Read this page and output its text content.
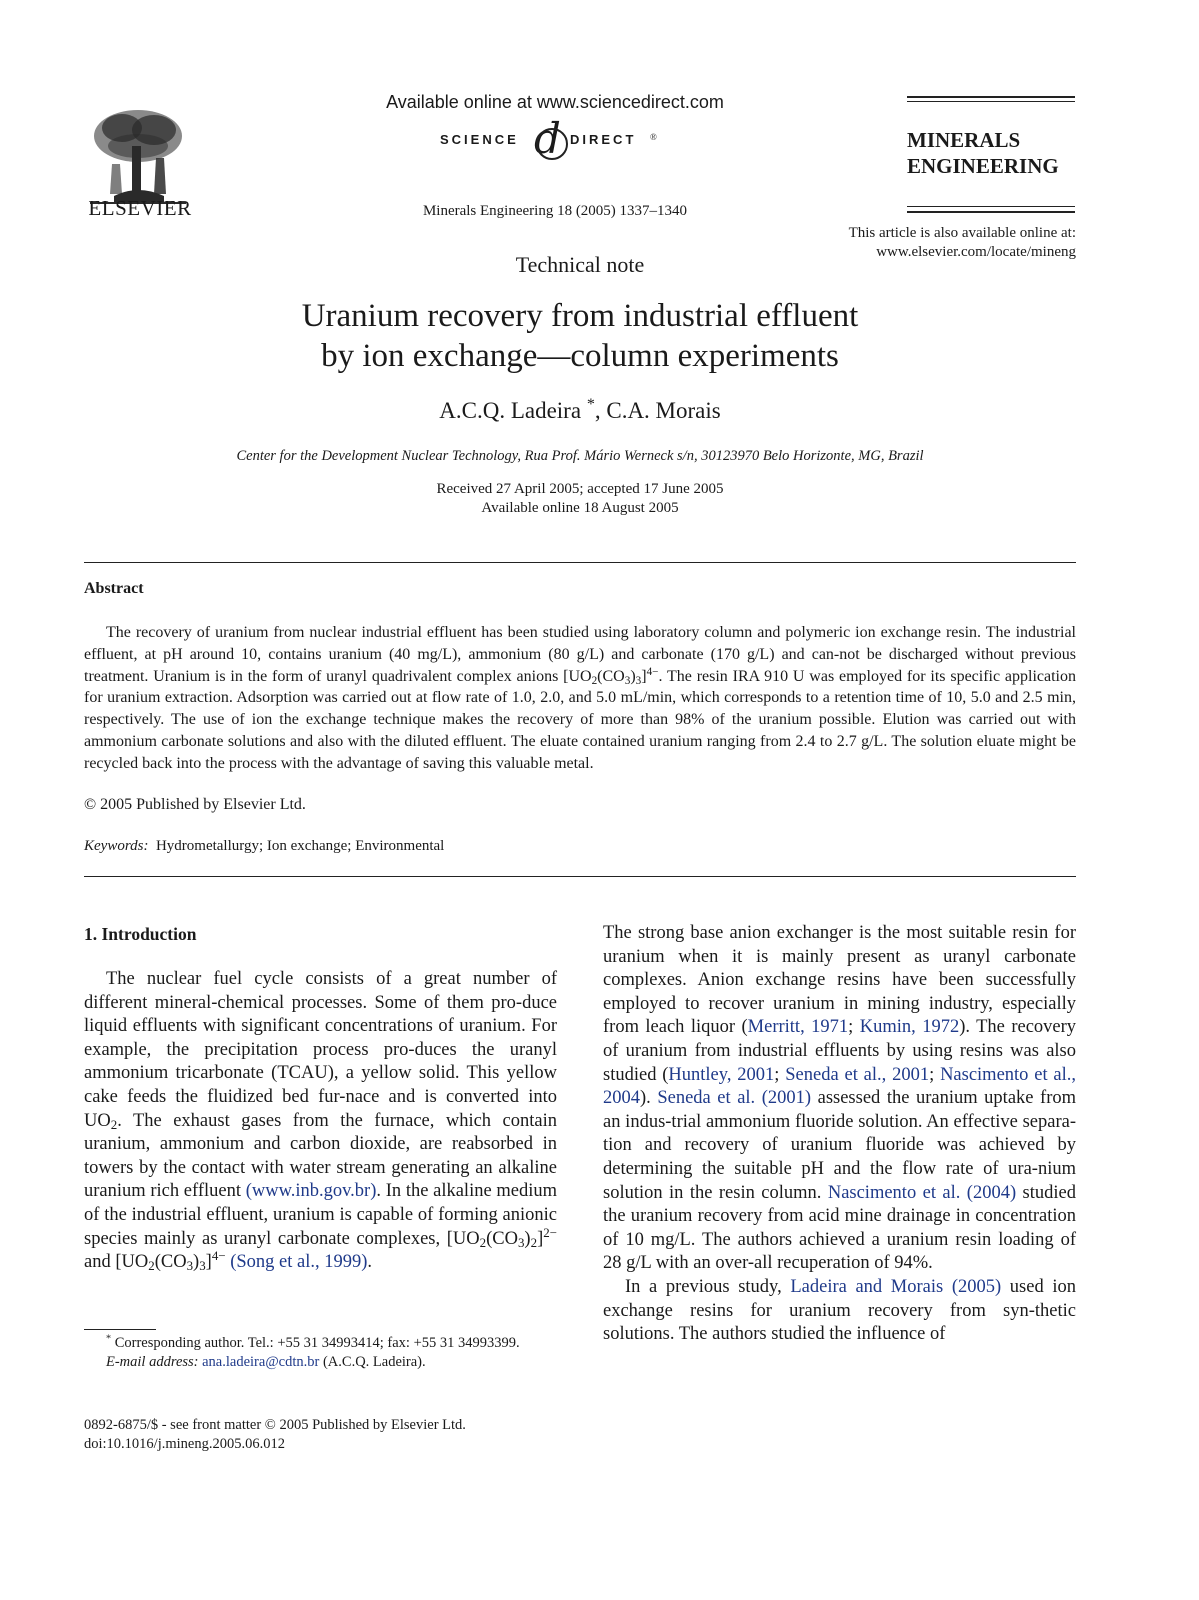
ELSEVIER
Available online at www.sciencedirect.com
SCIENCE d DIRECT ®
Minerals Engineering 18 (2005) 1337–1340
MINERALS
ENGINEERING
This article is also available online at:
www.elsevier.com/locate/mineng
Technical note
Uranium recovery from industrial effluent
by ion exchange—column experiments
A.C.Q. Ladeira *, C.A. Morais
Center for the Development Nuclear Technology, Rua Prof. Mário Werneck s/n, 30123970 Belo Horizonte, MG, Brazil
Received 27 April 2005; accepted 17 June 2005
Available online 18 August 2005
Abstract

The recovery of uranium from nuclear industrial effluent has been studied using laboratory column and polymeric ion exchange resin. The industrial effluent, at pH around 10, contains uranium (40 mg/L), ammonium (80 g/L) and carbonate (170 g/L) and can-not be discharged without previous treatment. Uranium is in the form of uranyl quadrivalent complex anions $[UO_2(CO_3)_3]^{4-}$. The resin IRA 910 U was employed for its specific application for uranium extraction. Adsorption was carried out at flow rate of 1.0, 2.0, and 5.0 mL/min, which corresponds to a retention time of 10, 5.0 and 2.5 min, respectively. The use of ion the exchange technique makes the recovery of more than 98% of the uranium possible. Elution was carried out with ammonium carbonate solutions and also with the diluted effluent. The eluate contained uranium ranging from 2.4 to 2.7 g/L. The solution eluate might be recycled back into the process with the advantage of saving this valuable metal.

© 2005 Published by Elsevier Ltd.
Keywords: Hydrometallurgy; Ion exchange; Environmental
1. Introduction

The nuclear fuel cycle consists of a great number of different mineral-chemical processes. Some of them pro-duce liquid effluents with significant concentrations of uranium. For example, the precipitation process pro-duces the uranyl ammonium tricarbonate (TCAU), a yellow solid. This yellow cake feeds the fluidized bed fur-nace and is converted into $UO_2$. The exhaust gases from the furnace, which contain uranium, ammonium and carbon dioxide, are reabsorbed in towers by the contact with water stream generating an alkaline uranium rich effluent (www.inb.gov.br). In the alkaline medium of the industrial effluent, uranium is capable of forming anionic species mainly as uranyl carbonate complexes, $[UO_2(CO_3)_2]^{2-}$ and $[UO_2(CO_3)_3]^{4-}$ (Song et al., 1999).

The strong base anion exchanger is the most suitable resin for uranium when it is mainly present as uranyl carbonate complexes. Anion exchange resins have been successfully employed to recover uranium in mining industry, especially from leach liquor (Merritt, 1971; Kumin, 1972). The recovery of uranium from industrial effluents by using resins was also studied (Huntley, 2001; Seneda et al., 2001; Nascimento et al., 2004). Seneda et al. (2001) assessed the uranium uptake from an indus-trial ammonium fluoride solution. An effective separa-tion and recovery of uranium fluoride was achieved by determining the suitable pH and the flow rate of ura-nium solution in the resin column. Nascimento et al. (2004) studied the uranium recovery from acid mine drainage in concentration of 10 mg/L. The authors achieved a uranium resin loading of 28 g/L with an over-all recuperation of 94%.

In a previous study, Ladeira and Morais (2005) used ion exchange resins for uranium recovery from syn-thetic solutions. The authors studied the influence of

* Corresponding author. Tel.: +55 31 34993414; fax: +55 31 34993399.

E-mail address: ana.ladeira@cdtn.br (A.C.Q. Ladeira).

0892-6875/$ - see front matter © 2005 Published by Elsevier Ltd.
doi:10.1016/j.mineng.2005.06.012
